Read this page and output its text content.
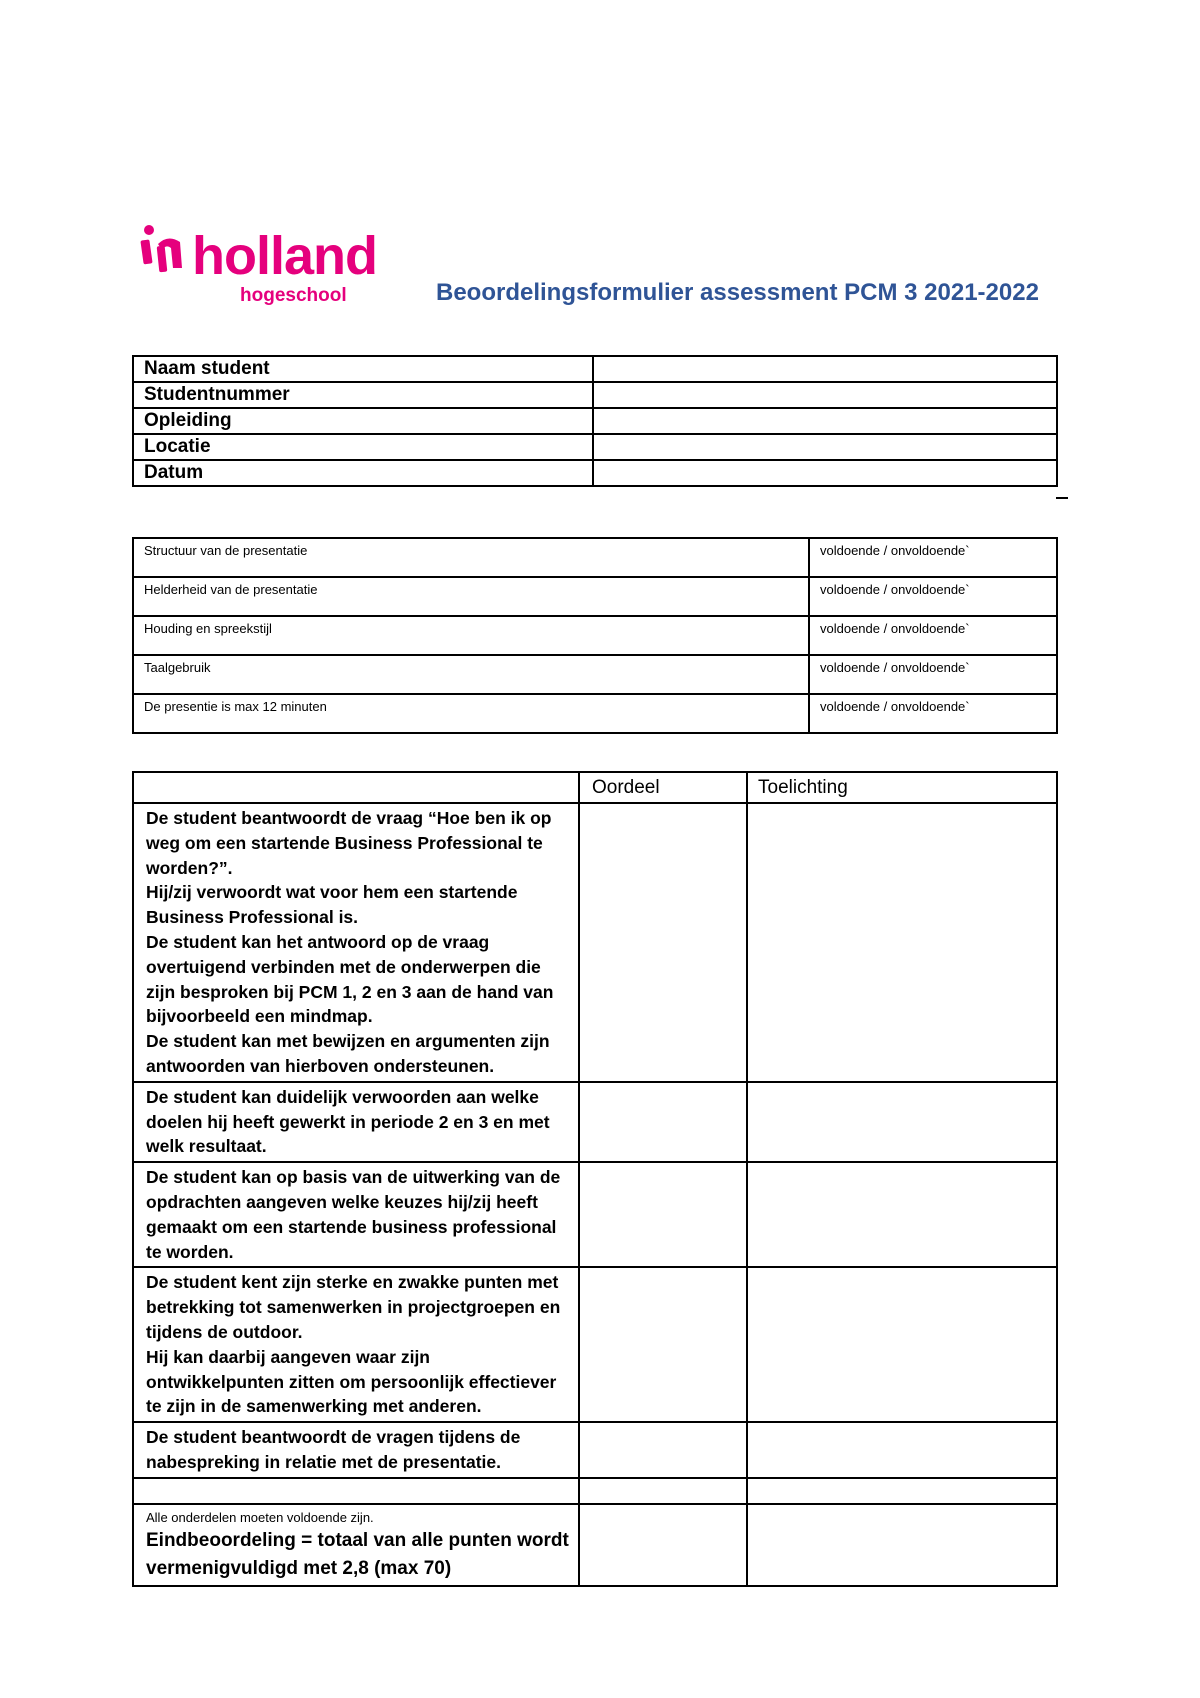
holland
hogeschool	Beoordelingsformulier assessment PCM 3 2021-2022
Naam student	
Studentnummer	
Opleiding	
Locatie	
Datum	
Structuur van de presentatie	voldoende / onvoldoende`
Helderheid van de presentatie	voldoende / onvoldoende`
Houding en spreekstijl	voldoende / onvoldoende`
Taalgebruik	voldoende / onvoldoende`
De presentie is max 12 minuten	voldoende / onvoldoende`
	Oordeel	Toelichting

De student beantwoordt de vraag “Hoe ben ik op weg om een startende Business Professional te worden?”.

Hij/zij verwoordt wat voor hem een startende Business Professional is.

De student kan het antwoord op de vraag overtuigend verbinden met de onderwerpen die zijn besproken bij PCM 1, 2 en 3 aan de hand van bijvoorbeeld een mindmap.

De student kan met bewijzen en argumenten zijn antwoorden van hierboven ondersteunen.		

De student kan duidelijk verwoorden aan welke doelen hij heeft gewerkt in periode 2 en 3 en met welk resultaat.		

De student kan op basis van de uitwerking van de opdrachten aangeven welke keuzes hij/zij heeft gemaakt om een startende business professional te worden.		

De student kent zijn sterke en zwakke punten met betrekking tot samenwerken in projectgroepen en tijdens de outdoor.

Hij kan daarbij aangeven waar zijn ontwikkelpunten zitten om persoonlijk effectiever te zijn in de samenwerking met anderen.		

De student beantwoordt de vragen tijdens de nabespreking in relatie met de presentatie.		

Alle onderdelen moeten voldoende zijn.
Eindbeoordeling = totaal van alle punten wordt vermenigvuldigd met 2,8 (max 70)		
